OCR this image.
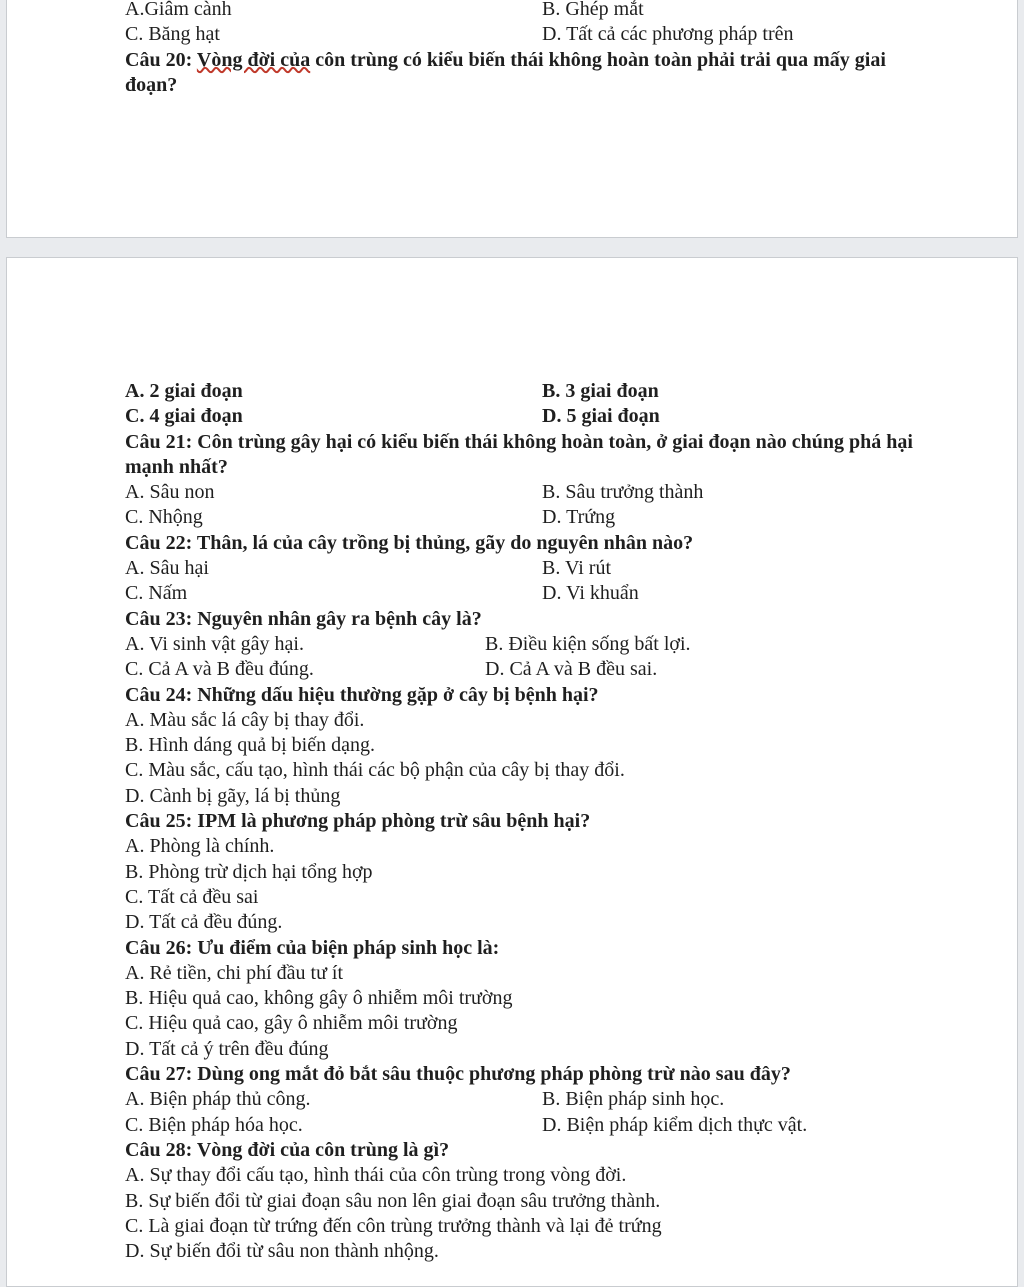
A.Giâm cành	B. Ghép mắt
C. Băng hạt	D. Tất cả các phương pháp trên
Câu 20: Vòng đời của côn trùng có kiểu biến thái không hoàn toàn phải trải qua mấy giai đoạn?
A. 2 giai đoạn	B. 3 giai đoạn
C. 4 giai đoạn	D. 5 giai đoạn
Câu 21: Côn trùng gây hại có kiểu biến thái không hoàn toàn, ở giai đoạn nào chúng phá hại mạnh nhất?
A. Sâu non	B. Sâu trưởng thành
C. Nhộng	D. Trứng
Câu 22: Thân, lá của cây trồng bị thủng, gãy do nguyên nhân nào?
A. Sâu hại	B. Vi rút
C. Nấm	D. Vi khuẩn
Câu 23: Nguyên nhân gây ra bệnh cây là?
A. Vi sinh vật gây hại.	B. Điều kiện sống bất lợi.
C. Cả A và B đều đúng.	D. Cả A và B đều sai.
Câu 24: Những dấu hiệu thường gặp ở cây bị bệnh hại?
A. Màu sắc lá cây bị thay đổi.
B. Hình dáng quả bị biến dạng.
C. Màu sắc, cấu tạo, hình thái các bộ phận của cây bị thay đổi.
D. Cành bị gãy, lá bị thủng
Câu 25: IPM là phương pháp phòng trừ sâu bệnh hại?
A. Phòng là chính.
B. Phòng trừ dịch hại tổng hợp
C. Tất cả đều sai
D. Tất cả đều đúng.
Câu 26: Ưu điểm của biện pháp sinh học là:
A. Rẻ tiền, chi phí đầu tư ít
B. Hiệu quả cao, không gây ô nhiễm môi trường
C. Hiệu quả cao, gây ô nhiễm môi trường
D. Tất cả ý trên đều đúng
Câu 27: Dùng ong mắt đỏ bắt sâu thuộc phương pháp phòng trừ nào sau đây?
A. Biện pháp thủ công.	B. Biện pháp sinh học.
C. Biện pháp hóa học.	D. Biện pháp kiểm dịch thực vật.
Câu 28: Vòng đời của côn trùng là gì?
A. Sự thay đổi cấu tạo, hình thái của côn trùng trong vòng đời.
B. Sự biến đổi từ giai đoạn sâu non lên giai đoạn sâu trưởng thành.
C. Là giai đoạn từ trứng đến côn trùng trưởng thành và lại đẻ trứng
D. Sự biến đổi từ sâu non thành nhộng.
